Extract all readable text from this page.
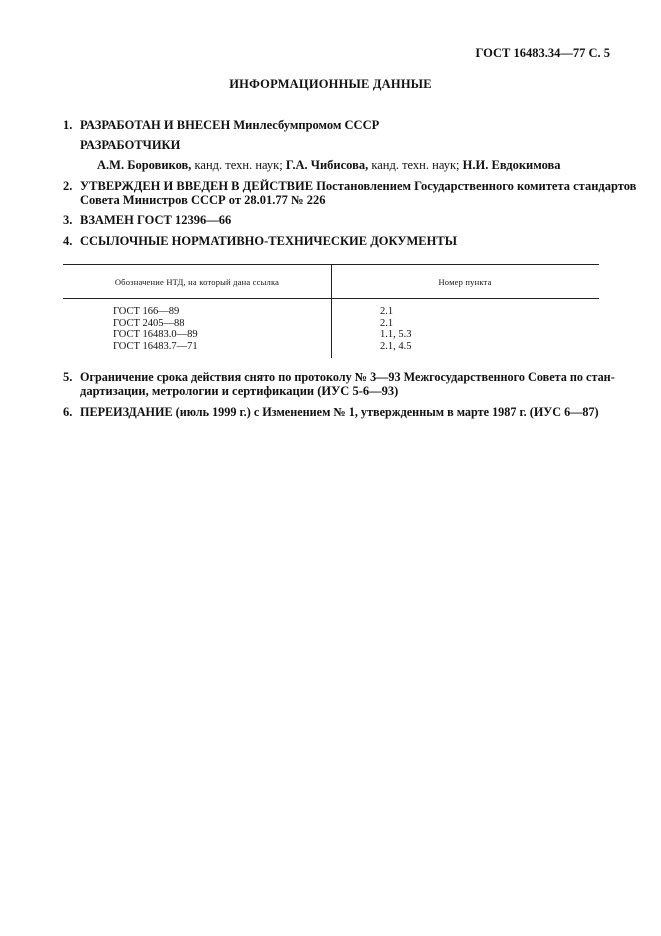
ГОСТ 16483.34—77 С. 5
ИНФОРМАЦИОННЫЕ ДАННЫЕ
1. РАЗРАБОТАН И ВНЕСЕН Минлесбумпромом СССР
РАЗРАБОТЧИКИ
А.М. Боровиков, канд. техн. наук; Г.А. Чибисова, канд. техн. наук; Н.И. Евдокимова
2. УТВЕРЖДЕН И ВВЕДЕН В ДЕЙСТВИЕ Постановлением Государственного комитета стандартов
Совета Министров СССР от 28.01.77 № 226
3. ВЗАМЕН ГОСТ 12396—66
4. ССЫЛОЧНЫЕ НОРМАТИВНО-ТЕХНИЧЕСКИЕ ДОКУМЕНТЫ
Обозначение НТД, на который дана ссылка	Номер пункта
ГОСТ 166—89	2.1
ГОСТ 2405—88	2.1
ГОСТ 16483.0—89	1.1, 5.3
ГОСТ 16483.7—71	2.1, 4.5
5. Ограничение срока действия снято по протоколу № 3—93 Межгосударственного Совета по стан-
дартизации, метрологии и сертификации (ИУС 5-6—93)
6. ПЕРЕИЗДАНИЕ (июль 1999 г.) с Изменением № 1, утвержденным в марте 1987 г. (ИУС 6—87)
